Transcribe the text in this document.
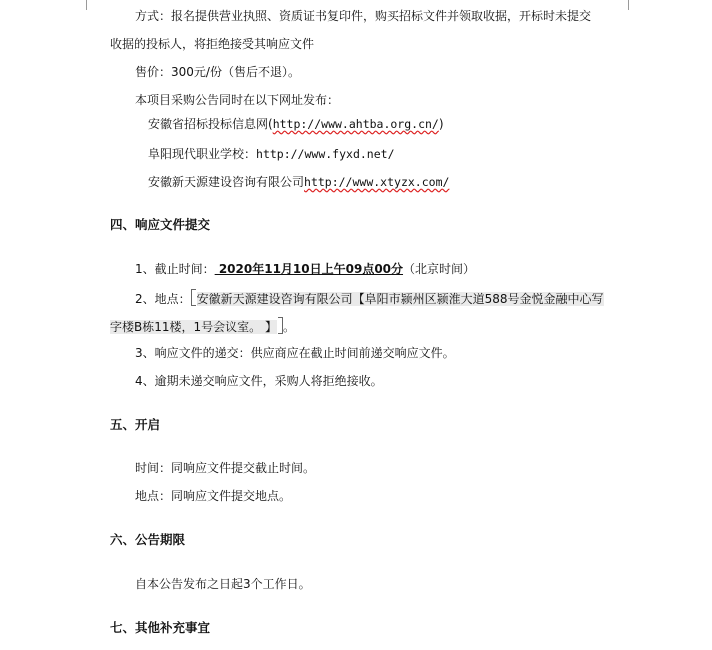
方式：报名提供营业执照、资质证书复印件，购买招标文件并领取收据，开标时未提交
收据的投标人，将拒绝接受其响应文件
售价：300元/份（售后不退）。
本项目采购公告同时在以下网址发布：
安徽省招标投标信息网(http://www.ahtba.org.cn/)
阜阳现代职业学校：http://www.fyxd.net/
安徽新天源建设咨询有限公司http://www.xtyzx.com/
四、响应文件提交
1、截止时间： 2020年11月10日上午09点00分（北京时间）
2、地点： 安徽新天源建设咨询有限公司【阜阳市颍州区颍淮大道588号金悦金融中心写
字楼B栋11楼，1号会议室。 】 。
3、响应文件的递交：供应商应在截止时间前递交响应文件。
4、逾期未递交响应文件，采购人将拒绝接收。
五、开启
时间：同响应文件提交截止时间。
地点：同响应文件提交地点。
六、公告期限
自本公告发布之日起3个工作日。
七、其他补充事宜
